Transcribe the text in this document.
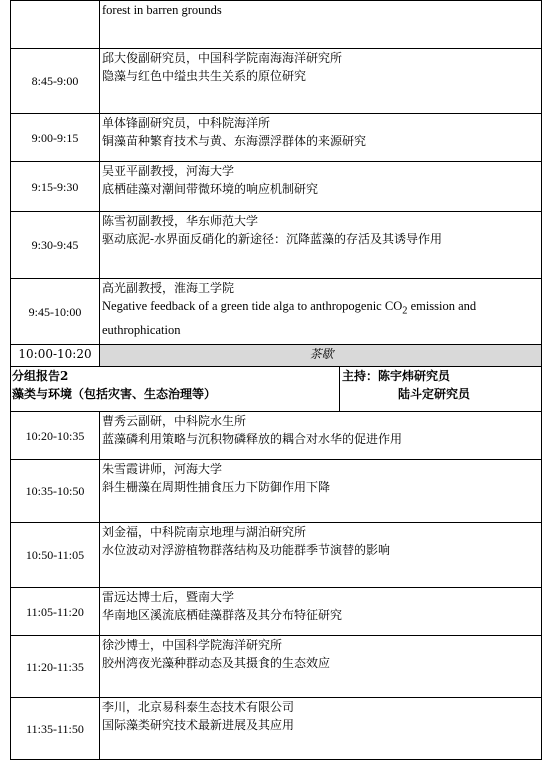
	forest in barren grounds	

8:45-9:00	邱大俊副研究员，中国科学院南海海洋研究所
隐藻与红色中缢虫共生关系的原位研究	

9:00-9:15	单体锋副研究员，中科院海洋所
铜藻苗种繁育技术与黄、东海漂浮群体的来源研究	

9:15-9:30	吴亚平副教授，河海大学
底栖硅藻对潮间带微环境的响应机制研究	

9:30-9:45	陈雪初副教授，华东师范大学
驱动底泥-水界面反硝化的新途径：沉降蓝藻的存活及其诱导作用	

9:45-10:00	高光副教授，淮海工学院
Negative feedback of a green tide alga to anthropogenic $CO_2$ emission and euthrophication	

10:00-10:20	茶歇	

分组报告2
藻类与环境（包括灾害、生态治理等）		主持：陈宇炜研究员
陆斗定研究员

10:20-10:35	曹秀云副研，中科院水生所
蓝藻磷利用策略与沉积物磷释放的耦合对水华的促进作用	

10:35-10:50	朱雪霞讲师，河海大学
斜生栅藻在周期性捕食压力下防御作用下降	

10:50-11:05	刘金福，中科院南京地理与湖泊研究所
水位波动对浮游植物群落结构及功能群季节演替的影响	

11:05-11:20	雷远达博士后，暨南大学
华南地区溪流底栖硅藻群落及其分布特征研究	

11:20-11:35	徐沙博士，中国科学院海洋研究所
胶州湾夜光藻种群动态及其摄食的生态效应	

11:35-11:50	李川，北京易科泰生态技术有限公司
国际藻类研究技术最新进展及其应用	
